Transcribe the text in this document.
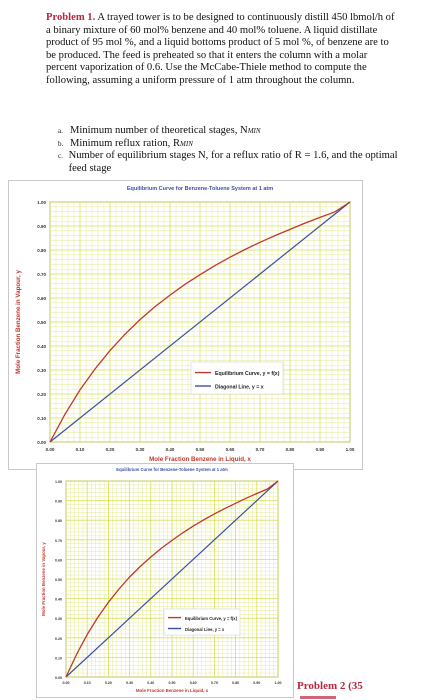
Problem 1. A trayed tower is to be designed to continuously distill 450 lbmol/h of a binary mixture of 60 mol% benzene and 40 mol% toluene. A liquid distillate product of 95 mol %, and a liquid bottoms product of 5 mol %, of benzene are to be produced. The feed is preheated so that it enters the column with a molar percent vaporization of 0.6. Use the McCabe-Thiele method to compute the following, assuming a uniform pressure of 1 atm throughout the column.
a. Minimum number of theoretical stages, NMIN
b. Minimum reflux ration, RMIN
c. Number of equilibrium stages N, for a reflux ratio of R = 1.6, and the optimal feed stage
Equilibrium Curve for Benzene-Toluene System at 1 atm
0.00	0.10	0.20	0.30	0.40	0.50	0.60	0.70	0.80	0.90	1.00
0.00
0.10
0.20
0.30
0.40
0.50
0.60
0.70
0.80
0.90
1.00
Mole Fraction Benzene in Liquid, x
Mole Fraction Benzene in Vapour, y
Equilibrium Curve, y = f(x)
Diagonal Line, y = x
Equilibrium Curve for Benzene-Toluene System at 1 atm
0.00	0.10	0.20	0.30	0.40	0.50	0.60	0.70	0.80	0.90	1.00
0.00
0.10
0.20
0.30
0.40
0.50
0.60
0.70
0.80
0.90
1.00
Mole Fraction Benzene in Liquid, x
Mole Fraction Benzene in Vapour, y
Equilibrium Curve, y = f(x)
Diagonal Line, y = x
Problem 2 (35
